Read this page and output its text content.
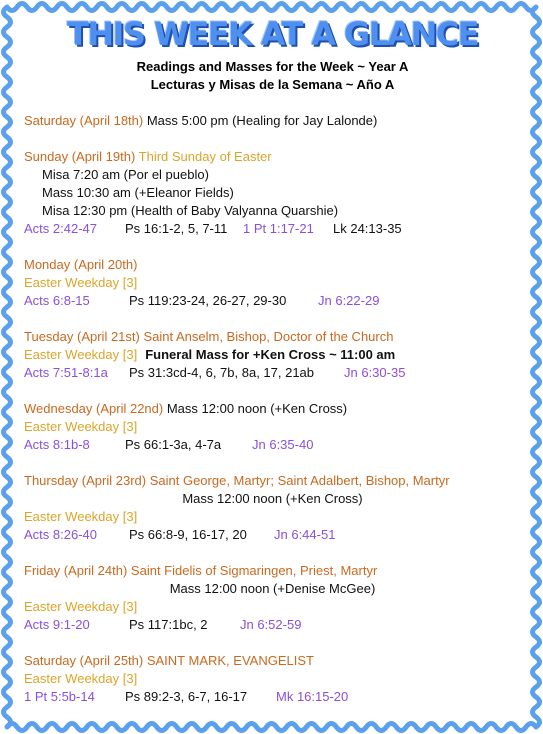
THIS WEEK AT A GLANCE
Readings and Masses for the Week ~ Year A
Lecturas y Misas de la Semana ~ Año A
Saturday (April 18th) Mass 5:00 pm (Healing for Jay Lalonde)
Sunday (April 19th) Third Sunday of Easter
Misa 7:20 am (Por el pueblo)
Mass 10:30 am (+Eleanor Fields)
Misa 12:30 pm (Health of Baby Valyanna Quarshie)
Acts 2:42-47 Ps 16:1-2, 5, 7-11 1 Pt 1:17-21 Lk 24:13-35
Monday (April 20th)
Easter Weekday [3]
Acts 6:8-15	Ps 119:23-24, 26-27, 29-30 Jn 6:22-29
Tuesday (April 21st) Saint Anselm, Bishop, Doctor of the Church
Easter Weekday [3] Funeral Mass for +Ken Cross ~ 11:00 am
Acts 7:51-8:1a Ps 31:3cd-4, 6, 7b, 8a, 17, 21ab Jn 6:30-35
Wednesday (April 22nd) Mass 12:00 noon (+Ken Cross)
Easter Weekday [3]
Acts 8:1b-8	Ps 66:1-3a, 4-7a Jn 6:35-40
Thursday (April 23rd) Saint George, Martyr; Saint Adalbert, Bishop, Martyr
Mass 12:00 noon (+Ken Cross)
Easter Weekday [3]
Acts 8:26-40 Ps 66:8-9, 16-17, 20 Jn 6:44-51
Friday (April 24th) Saint Fidelis of Sigmaringen, Priest, Martyr
Mass 12:00 noon (+Denise McGee)
Easter Weekday [3]
Acts 9:1-20	Ps 117:1bc, 2 Jn 6:52-59
Saturday (April 25th) SAINT MARK, EVANGELIST
Easter Weekday [3]
1 Pt 5:5b-14 Ps 89:2-3, 6-7, 16-17 Mk 16:15-20
